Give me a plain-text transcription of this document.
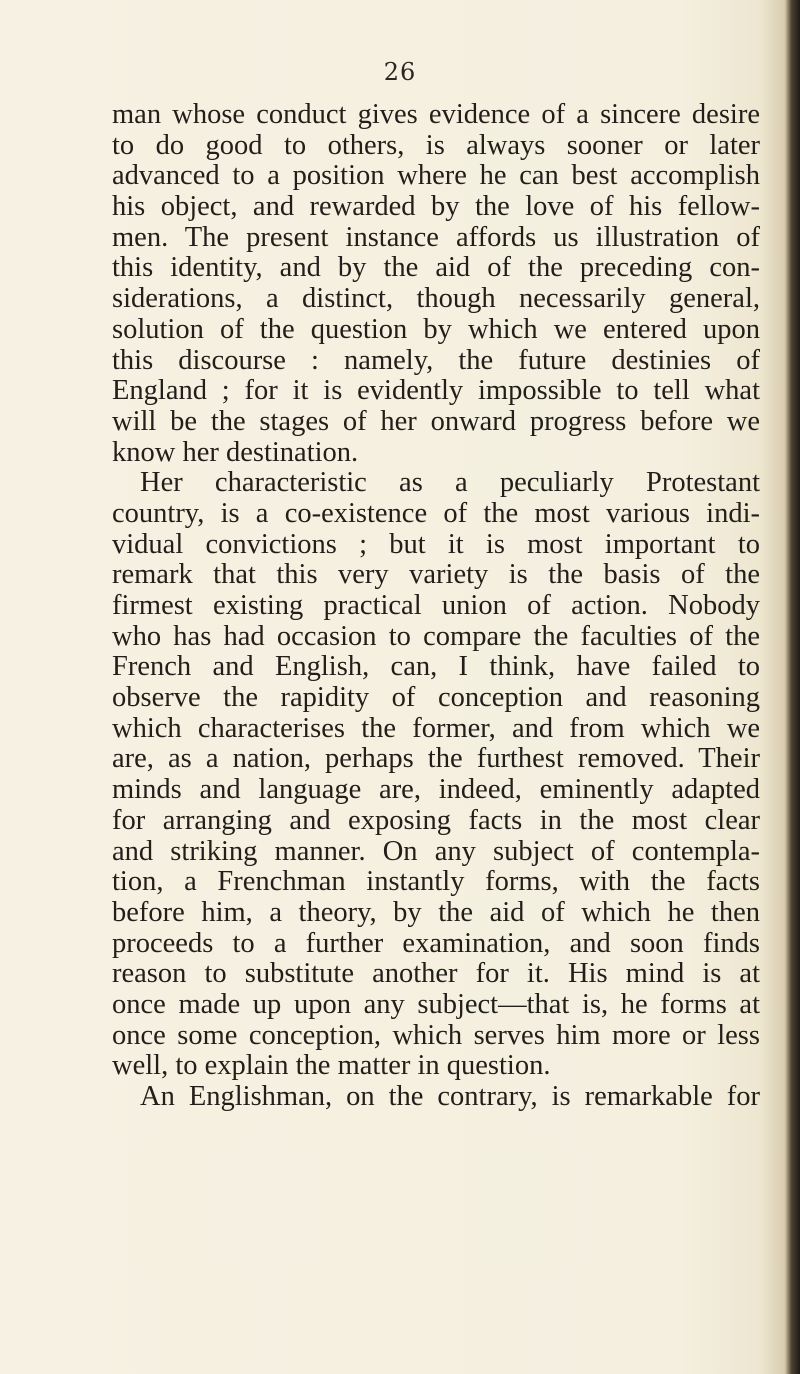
26
man whose conduct gives evidence of a sincere desire
to do good to others, is always sooner or later
advanced to a position where he can best accomplish
his object, and rewarded by the love of his fellow-
men. The present instance affords us illustration of
this identity, and by the aid of the preceding con-
siderations, a distinct, though necessarily general,
solution of the question by which we entered upon
this discourse : namely, the future destinies of
England ; for it is evidently impossible to tell what
will be the stages of her onward progress before we
know her destination.
Her characteristic as a peculiarly Protestant
country, is a co-existence of the most various indi-
vidual convictions ; but it is most important to
remark that this very variety is the basis of the
firmest existing practical union of action. Nobody
who has had occasion to compare the faculties of the
French and English, can, I think, have failed to
observe the rapidity of conception and reasoning
which characterises the former, and from which we
are, as a nation, perhaps the furthest removed. Their
minds and language are, indeed, eminently adapted
for arranging and exposing facts in the most clear
and striking manner. On any subject of contempla-
tion, a Frenchman instantly forms, with the facts
before him, a theory, by the aid of which he then
proceeds to a further examination, and soon finds
reason to substitute another for it. His mind is at
once made up upon any subject—that is, he forms at
once some conception, which serves him more or less
well, to explain the matter in question.
An Englishman, on the contrary, is remarkable for
